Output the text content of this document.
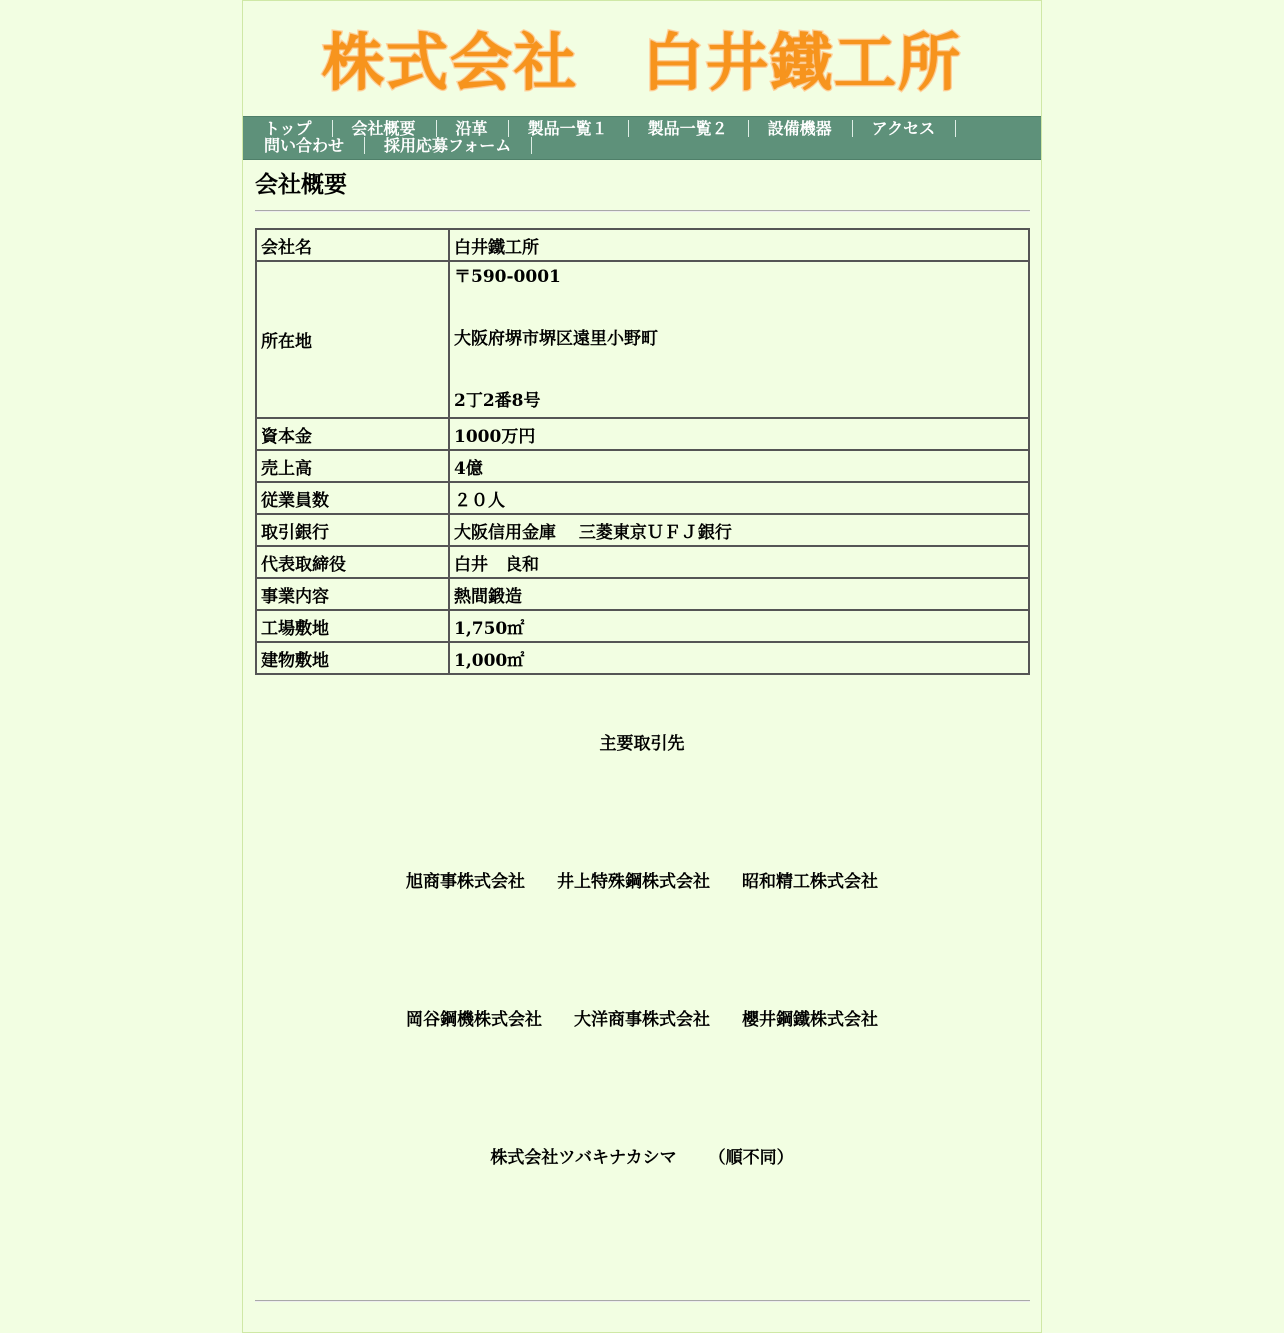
株式会社　白井鐵工所
トップ	会社概要	沿革	製品一覧１	製品一覧２	設備機器	アクセス問い合わせ	採用応募フォーム
会社概要
会社名	白井鐵工所
所在地	〒590-0001
大阪府堺市堺区遠里小野町
2丁2番8号

資本金	1000万円
売上高	4億
従業員数	２０人
取引銀行	大阪信用金庫　 三菱東京ＵＦＪ銀行
代表取締役	白井　良和
事業内容	熱間鍛造
工場敷地	1,750㎡
建物敷地	1,000㎡
主要取引先
旭商事株式会社 井上特殊鋼株式会社 昭和精工株式会社
岡谷鋼機株式会社 大洋商事株式会社 櫻井鋼鐵株式会社
株式会社ツバキナカシマ （順不同）
